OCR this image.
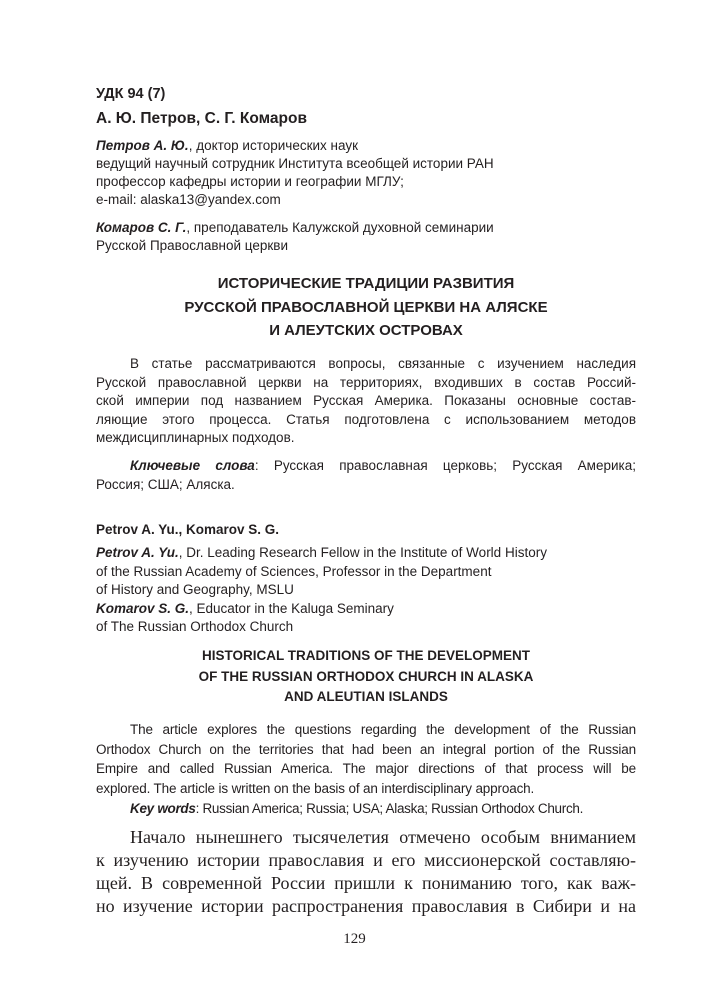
УДК 94 (7)
А. Ю. Петров, С. Г. Комаров
Петров А. Ю., доктор исторических наук
ведущий научный сотрудник Института всеобщей истории РАН
профессор кафедры истории и географии МГЛУ;
e-mail: alaska13@yandex.com
Комаров С. Г., преподаватель Калужской духовной семинарии
Русской Православной церкви
ИСТОРИЧЕСКИЕ ТРАДИЦИИ РАЗВИТИЯ
РУССКОЙ ПРАВОСЛАВНОЙ ЦЕРКВИ НА АЛЯСКЕ
И АЛЕУТСКИХ ОСТРОВАХ
В статье рассматриваются вопросы, связанные с изучением наследия
Русской православной церкви на территориях, входивших в состав Россий-
ской империи под названием Русская Америка. Показаны основные состав-
ляющие этого процесса. Статья подготовлена с использованием методов
междисциплинарных подходов.
Ключевые слова: Русская православная церковь; Русская Америка;
Россия; США; Аляска.
Petrov A. Yu., Komarov S. G.
Petrov A. Yu., Dr. Leading Research Fellow in the Institute of World History
of the Russian Academy of Sciences, Professor in the Department
of History and Geography, MSLU
Komarov S. G., Educator in the Kaluga Seminary
of The Russian Orthodox Church
HISTORICAL TRADITIONS OF THE DEVELOPMENT
OF THE RUSSIAN ORTHODOX CHURCH IN ALASKA
AND ALEUTIAN ISLANDS
The article explores the questions regarding the development of the Russian
Orthodox Church on the territories that had been an integral portion of the Russian
Empire and called Russian America. The major directions of that process will be
explored. The article is written on the basis of an interdisciplinary approach.
Key words: Russian America; Russia; USA; Alaska; Russian Orthodox Church.
Начало нынешнего тысячелетия отмечено особым вниманием
к изучению истории православия и его миссионерской составляю-
щей. В современной России пришли к пониманию того, как важ-
но изучение истории распространения православия в Сибири и на
129
